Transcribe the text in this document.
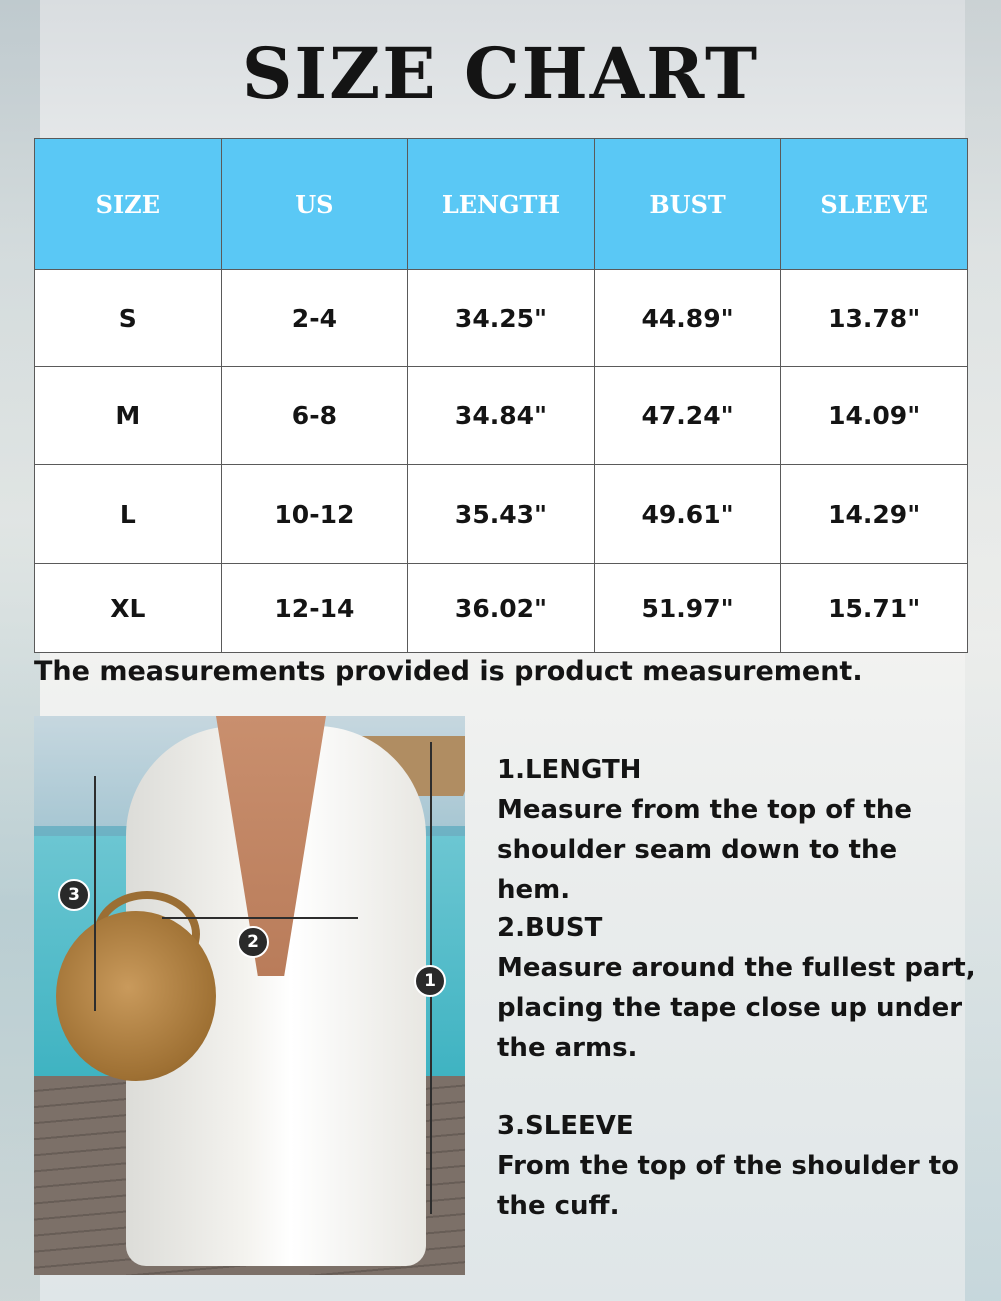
SIZE CHART
SIZE	US	LENGTH	BUST	SLEEVE
S	2-4	34.25"	44.89"	13.78"
M	6-8	34.84"	47.24"	14.09"
L	10-12	35.43"	49.61"	14.29"
XL	12-14	36.02"	51.97"	15.71"
The measurements provided is product measurement.
1
2
3
1.LENGTH
Measure from the top of the shoulder seam down to the hem.
2.BUST
Measure around the fullest part, placing the tape close up under the arms.
3.SLEEVE
From the top of the shoulder to the cuff.
